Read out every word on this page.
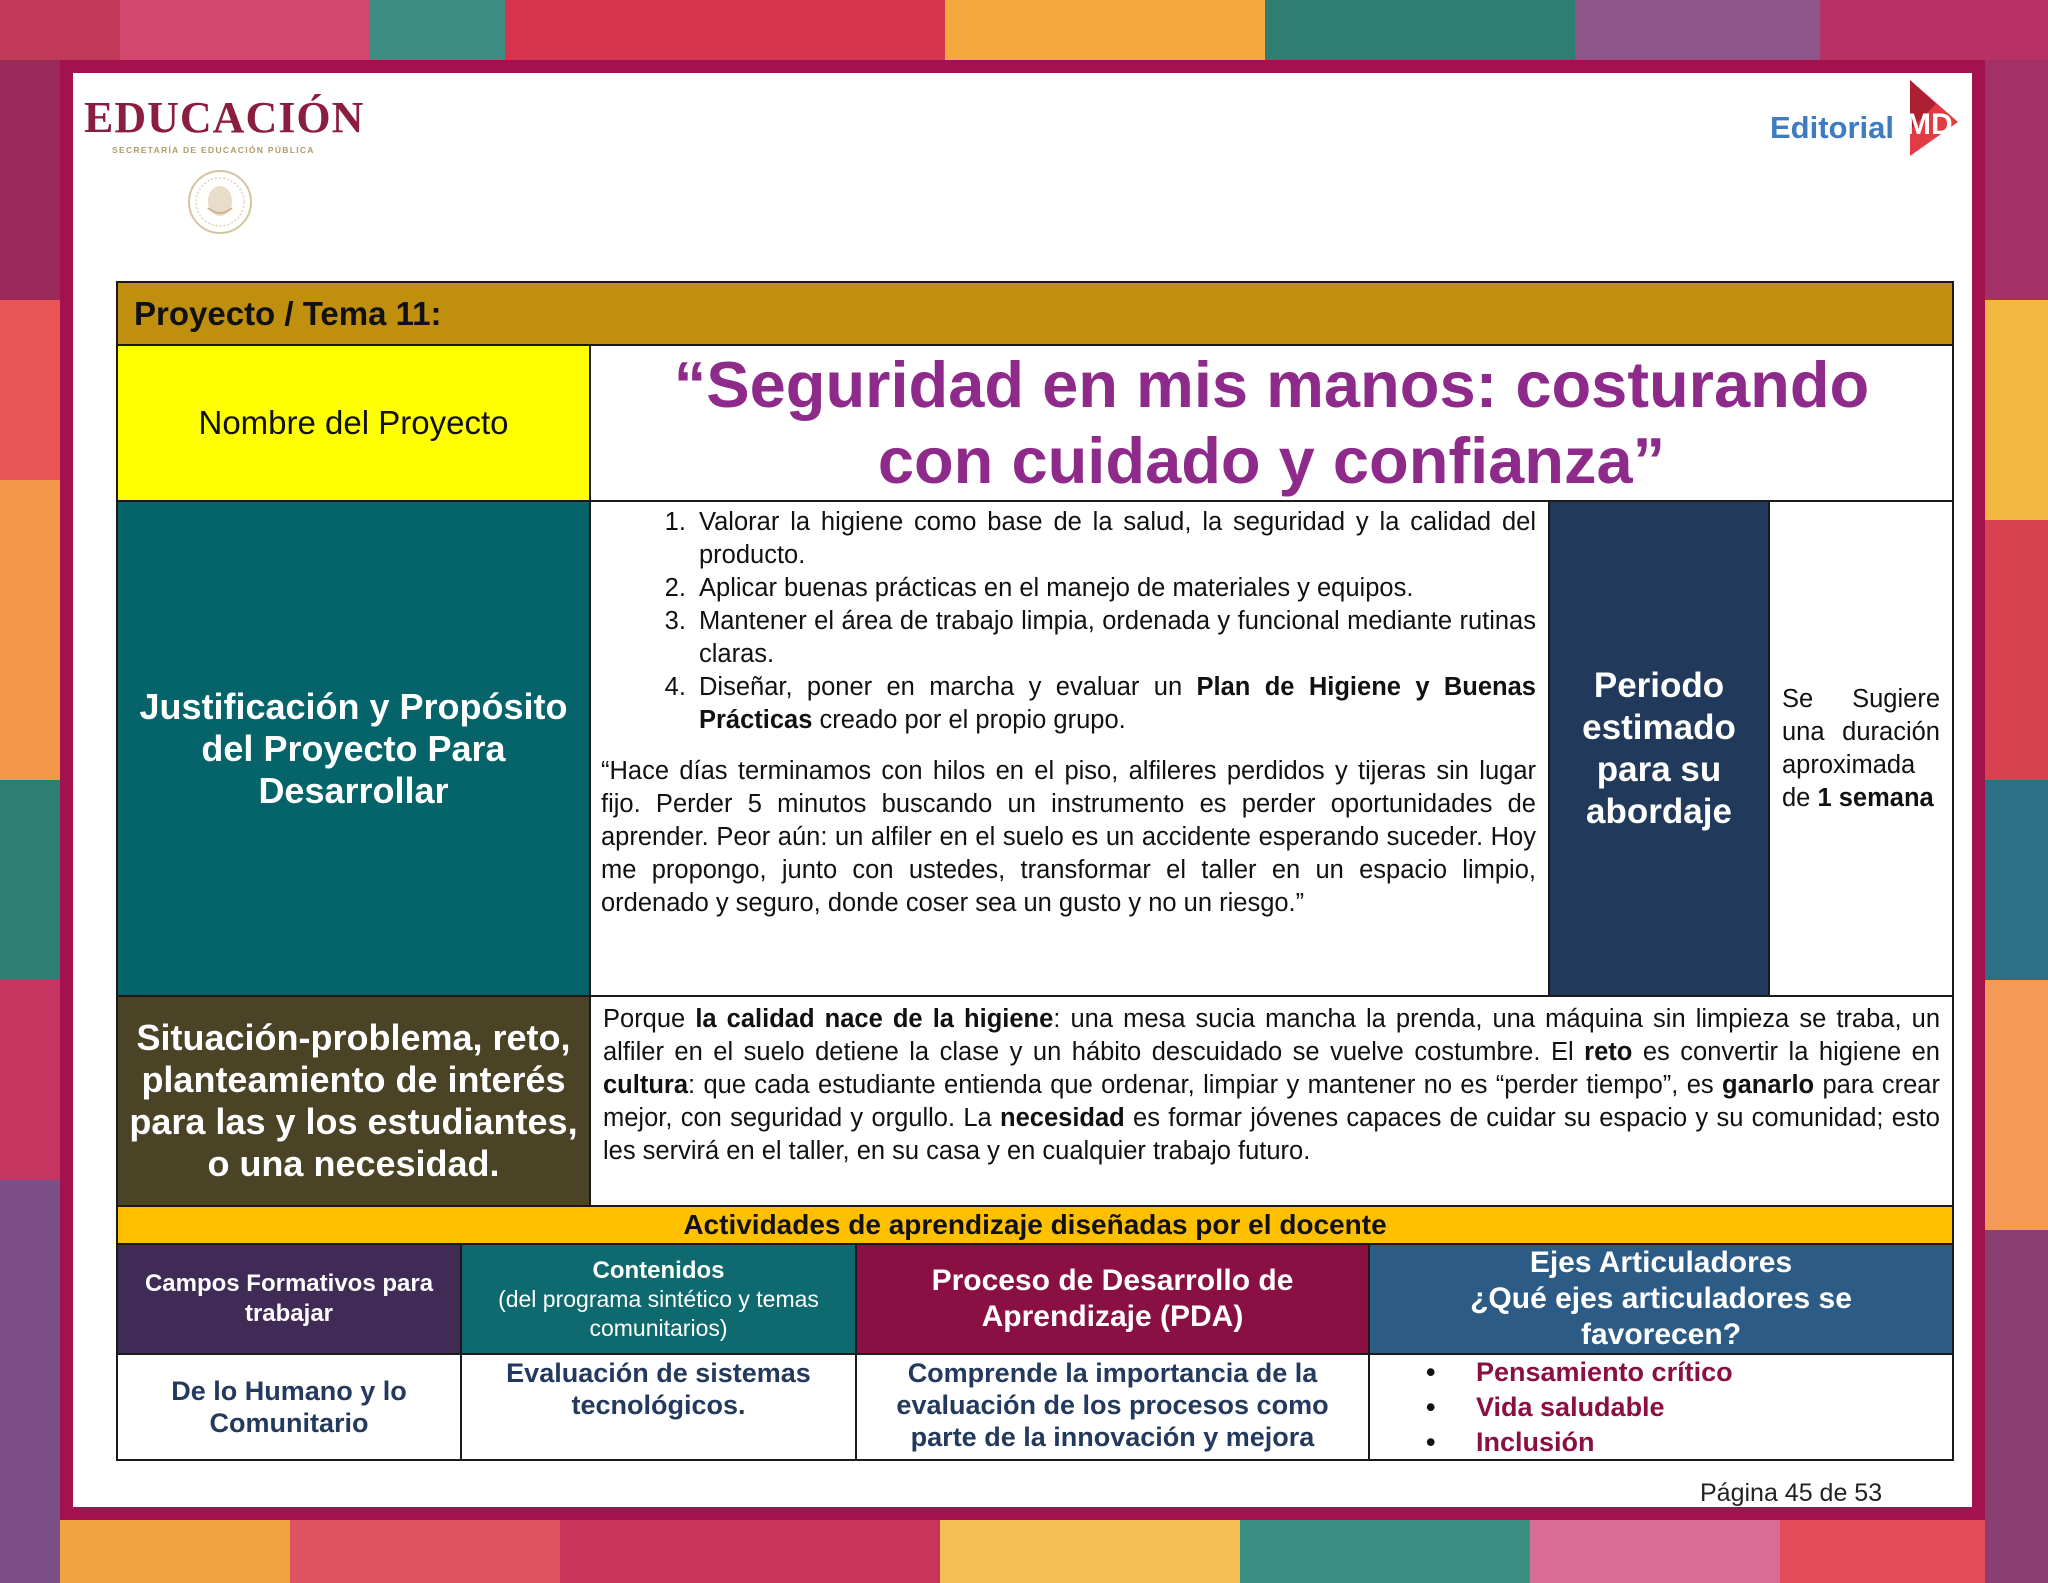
EDUCACIÓN
SECRETARÍA DE EDUCACIÓN PÚBLICA
Editorial MD
Proyecto / Tema 11:
Nombre del Proyecto
“Seguridad en mis manos: costurando con cuidado y confianza”
Justificación y Propósito del Proyecto Para Desarrollar
1. Valorar la higiene como base de la salud, la seguridad y la calidad del producto.
2. Aplicar buenas prácticas en el manejo de materiales y equipos.
3. Mantener el área de trabajo limpia, ordenada y funcional mediante rutinas claras.
4. Diseñar, poner en marcha y evaluar un Plan de Higiene y Buenas Prácticas creado por el propio grupo.

“Hace días terminamos con hilos en el piso, alfileres perdidos y tijeras sin lugar fijo. Perder 5 minutos buscando un instrumento es perder oportunidades de aprender. Peor aún: un alfiler en el suelo es un accidente esperando suceder. Hoy me propongo, junto con ustedes, transformar el taller en un espacio limpio, ordenado y seguro, donde coser sea un gusto y no un riesgo.”

Periodo estimado para su abordaje

Se Sugiere una duración aproximada de 1 semana

Situación-problema, reto, planteamiento de interés para las y los estudiantes, o una necesidad.

Porque la calidad nace de la higiene: una mesa sucia mancha la prenda, una máquina sin limpieza se traba, un alfiler en el suelo detiene la clase y un hábito descuidado se vuelve costumbre. El reto es convertir la higiene en cultura: que cada estudiante entienda que ordenar, limpiar y mantener no es “perder tiempo”, es ganarlo para crear mejor, con seguridad y orgullo. La necesidad es formar jóvenes capaces de cuidar su espacio y su comunidad; esto les servirá en el taller, en su casa y en cualquier trabajo futuro.

Actividades de aprendizaje diseñadas por el docente
Campos Formativos para trabajar
Contenidos
(del programa sintético y temas comunitarios)
Proceso de Desarrollo de Aprendizaje (PDA)
Ejes Articuladores
¿Qué ejes articuladores se favorecen?
De lo Humano y lo Comunitario
Evaluación de sistemas tecnológicos.
Comprende la importancia de la evaluación de los procesos como parte de la innovación y mejora
• Pensamiento crítico
• Vida saludable
• Inclusión
Página 45 de 53
